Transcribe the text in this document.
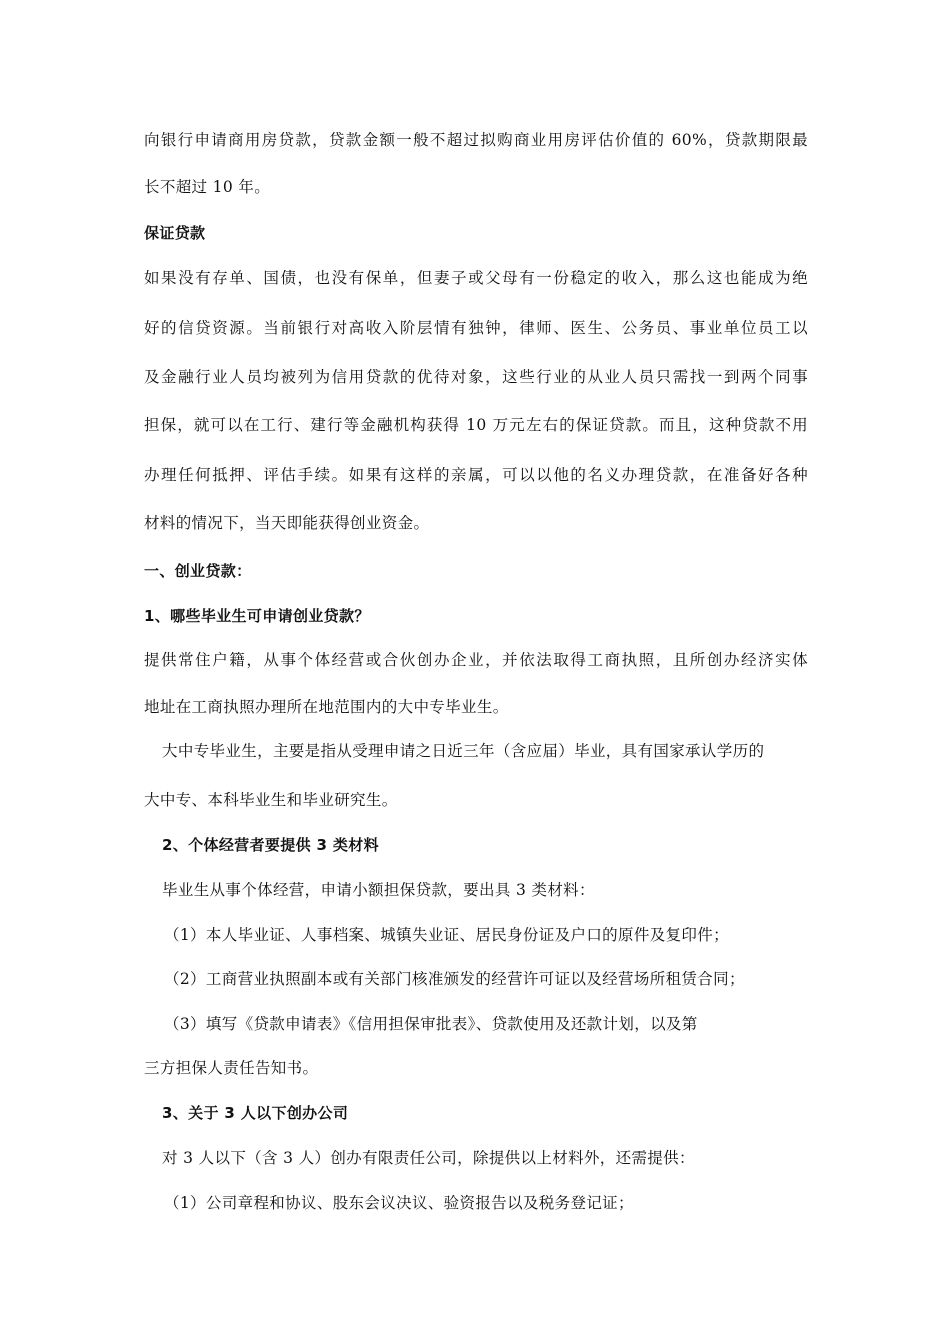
向银行申请商用房贷款，贷款金额一般不超过拟购商业用房评估价值的 60%，贷款期限最
长不超过 10 年。
保证贷款
如果没有存单、国债，也没有保单，但妻子或父母有一份稳定的收入，那么这也能成为绝
好的信贷资源。当前银行对高收入阶层情有独钟，律师、医生、公务员、事业单位员工以
及金融行业人员均被列为信用贷款的优待对象，这些行业的从业人员只需找一到两个同事
担保，就可以在工行、建行等金融机构获得 10 万元左右的保证贷款。而且，这种贷款不用
办理任何抵押、评估手续。如果有这样的亲属，可以以他的名义办理贷款，在准备好各种
材料的情况下，当天即能获得创业资金。
一、创业贷款：
1、哪些毕业生可申请创业贷款？
提供常住户籍，从事个体经营或合伙创办企业，并依法取得工商执照，且所创办经济实体
地址在工商执照办理所在地范围内的大中专毕业生。
大中专毕业生，主要是指从受理申请之日近三年（含应届）毕业，具有国家承认学历的
大中专、本科毕业生和毕业研究生。
2、个体经营者要提供 3 类材料
毕业生从事个体经营，申请小额担保贷款，要出具 3 类材料：
（1）本人毕业证、人事档案、城镇失业证、居民身份证及户口的原件及复印件；
（2）工商营业执照副本或有关部门核准颁发的经营许可证以及经营场所租赁合同；
（3）填写《贷款申请表》《信用担保审批表》、贷款使用及还款计划，以及第
三方担保人责任告知书。
3、关于 3 人以下创办公司
对 3 人以下（含 3 人）创办有限责任公司，除提供以上材料外，还需提供：
（1）公司章程和协议、股东会议决议、验资报告以及税务登记证；
